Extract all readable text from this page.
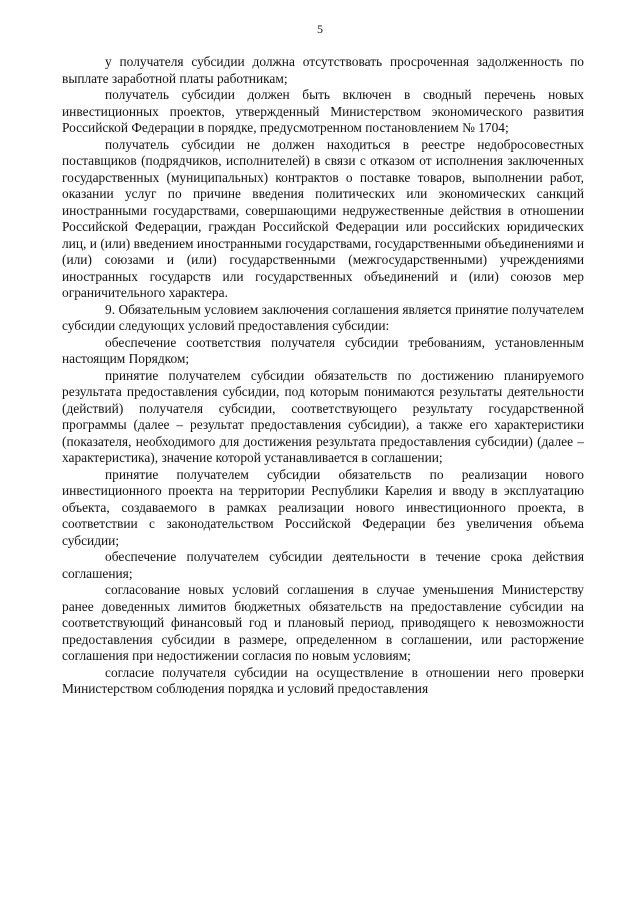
5

у получателя субсидии должна отсутствовать просроченная задолженность по выплате заработной платы работникам;

получатель субсидии должен быть включен в сводный перечень новых инвестиционных проектов, утвержденный Министерством экономического развития Российской Федерации в порядке, предусмотренном постановлением № 1704;

получатель субсидии не должен находиться в реестре недобросовестных поставщиков (подрядчиков, исполнителей) в связи с отказом от исполнения заключенных государственных (муниципальных) контрактов о поставке товаров, выполнении работ, оказании услуг по причине введения политических или экономических санкций иностранными государствами, совершающими недружественные действия в отношении Российской Федерации, граждан Российской Федерации или российских юридических лиц, и (или) введением иностранными государствами, государственными объединениями и (или) союзами и (или) государственными (межгосударственными) учреждениями иностранных государств или государственных объединений и (или) союзов мер ограничительного характера.

9. Обязательным условием заключения соглашения является принятие получателем субсидии следующих условий предоставления субсидии:

обеспечение соответствия получателя субсидии требованиям, установленным настоящим Порядком;

принятие получателем субсидии обязательств по достижению планируемого результата предоставления субсидии, под которым понимаются результаты деятельности (действий) получателя субсидии, соответствующего результату государственной программы (далее – результат предоставления субсидии), а также его характеристики (показателя, необходимого для достижения результата предоставления субсидии) (далее – характеристика), значение которой устанавливается в соглашении;

принятие получателем субсидии обязательств по реализации нового инвестиционного проекта на территории Республики Карелия и вводу в эксплуатацию объекта, создаваемого в рамках реализации нового инвестиционного проекта, в соответствии с законодательством Российской Федерации без увеличения объема субсидии;

обеспечение получателем субсидии деятельности в течение срока действия соглашения;

согласование новых условий соглашения в случае уменьшения Министерству ранее доведенных лимитов бюджетных обязательств на предоставление субсидии на соответствующий финансовый год и плановый период, приводящего к невозможности предоставления субсидии в размере, определенном в соглашении, или расторжение соглашения при недостижении согласия по новым условиям;

согласие получателя субсидии на осуществление в отношении него проверки Министерством соблюдения порядка и условий предоставления
